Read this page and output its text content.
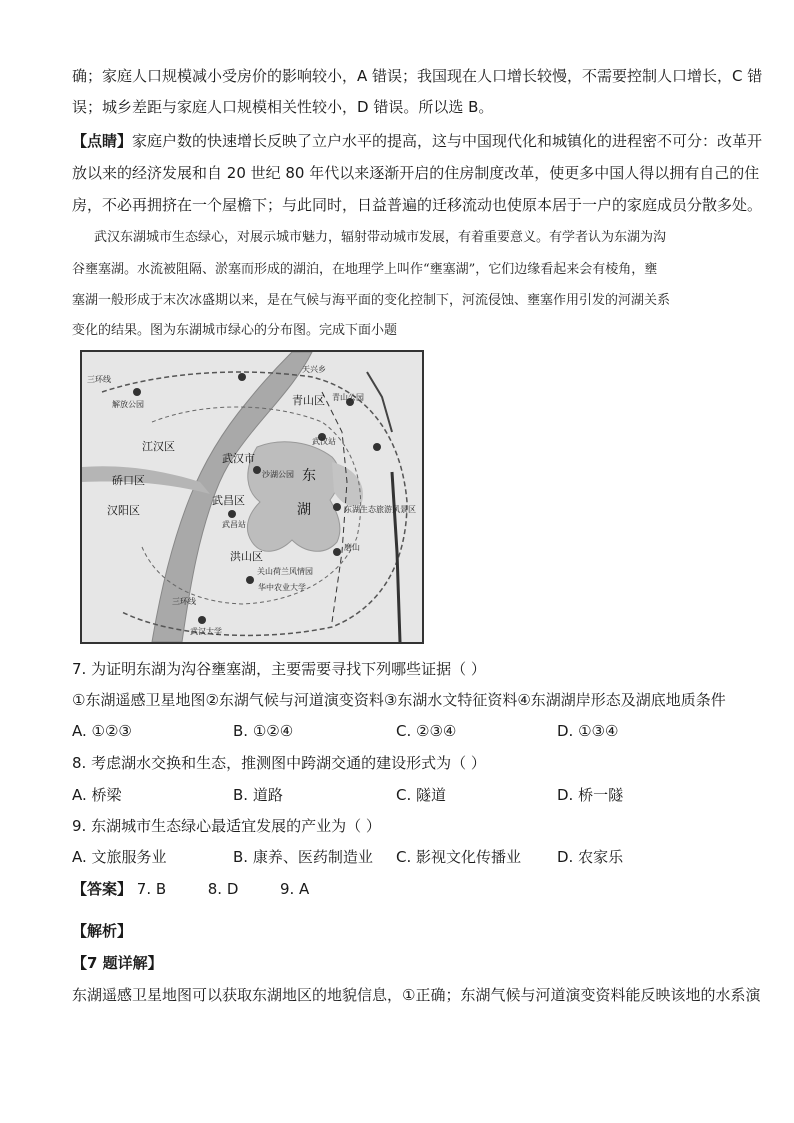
确；家庭人口规模减小受房价的影响较小，A 错误；我国现在人口增长较慢，不需要控制人口增长，C 错
误；城乡差距与家庭人口规模相关性较小，D 错误。所以选 B。
【点睛】家庭户数的快速增长反映了立户水平的提高，这与中国现代化和城镇化的进程密不可分：改革开
放以来的经济发展和自 20 世纪 80 年代以来逐渐开启的住房制度改革，使更多中国人得以拥有自己的住
房，不必再拥挤在一个屋檐下；与此同时，日益普遍的迁移流动也使原本居于一户的家庭成员分散多处。
武汉东湖城市生态绿心，对展示城市魅力，辐射带动城市发展，有着重要意义。有学者认为东湖为沟
谷壅塞湖。水流被阻隔、淤塞而形成的湖泊，在地理学上叫作“壅塞湖”，它们边缘看起来会有棱角，壅
塞湖一般形成于末次冰盛期以来，是在气候与海平面的变化控制下，河流侵蚀、壅塞作用引发的河湖关系
变化的结果。图为东湖城市绿心的分布图。完成下面小题
三环线
天兴乡
青山区 青山公园
解放公园
江汉区
武汉市
武汉站
沙湖公园
硚口区	东
汉阳区
武昌区
湖	东湖生态旅游风景区
武昌站
磨山
洪山区
关山荷兰风情园
华中农业大学
三环线
武汉大学
7. 为证明东湖为沟谷壅塞湖，主要需要寻找下列哪些证据（ ）
①东湖遥感卫星地图②东湖气候与河道演变资料③东湖水文特征资料④东湖湖岸形态及湖底地质条件
A. ①②③	B. ①②④	C. ②③④	D. ①③④
8. 考虑湖水交换和生态，推测图中跨湖交通的建设形式为（ ）
A. 桥梁	B. 道路	C. 隧道	D. 桥一隧
9. 东湖城市生态绿心最适宜发展的产业为（ ）
A. 文旅服务业	B. 康养、医药制造业 C. 影视文化传播业 D. 农家乐
【答案】 7. B	8. D	9. A
【解析】
【7 题详解】
东湖遥感卫星地图可以获取东湖地区的地貌信息，①正确；东湖气候与河道演变资料能反映该地的水系演
